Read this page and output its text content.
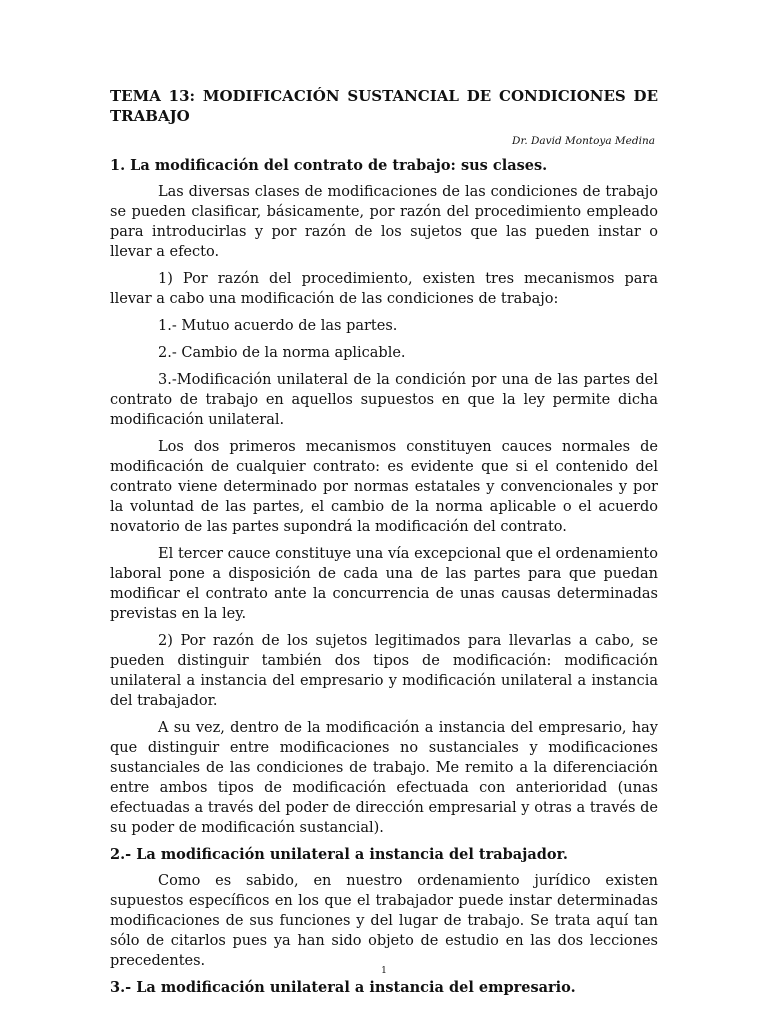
TEMA 13: MODIFICACIÓN SUSTANCIAL DE CONDICIONES DE TRABAJO

Dr. David Montoya Medina

1. La modificación del contrato de trabajo: sus clases.

Las diversas clases de modificaciones de las condiciones de trabajo se pueden clasificar, básicamente, por razón del procedimiento empleado para introducirlas y por razón de los sujetos que las pueden instar o llevar a efecto.

1) Por razón del procedimiento, existen tres mecanismos para llevar a cabo una modificación de las condiciones de trabajo:

1.- Mutuo acuerdo de las partes.

2.- Cambio de la norma aplicable.

3.-Modificación unilateral de la condición por una de las partes del contrato de trabajo en aquellos supuestos en que la ley permite dicha modificación unilateral.

Los dos primeros mecanismos constituyen cauces normales de modificación de cualquier contrato: es evidente que si el contenido del contrato viene determinado por normas estatales y convencionales y por la voluntad de las partes, el cambio de la norma aplicable o el acuerdo novatorio de las partes supondrá la modificación del contrato.

El tercer cauce constituye una vía excepcional que el ordenamiento laboral pone a disposición de cada una de las partes para que puedan modificar el contrato ante la concurrencia de unas causas determinadas previstas en la ley.

2) Por razón de los sujetos legitimados para llevarlas a cabo, se pueden distinguir también dos tipos de modificación: modificación unilateral a instancia del empresario y modificación unilateral a instancia del trabajador.

A su vez, dentro de la modificación a instancia del empresario, hay que distinguir entre modificaciones no sustanciales y modificaciones sustanciales de las condiciones de trabajo. Me remito a la diferenciación entre ambos tipos de modificación efectuada con anterioridad (unas efectuadas a través del poder de dirección empresarial y otras a través de su poder de modificación sustancial).

2.- La modificación unilateral a instancia del trabajador.

Como es sabido, en nuestro ordenamiento jurídico existen supuestos específicos en los que el trabajador puede instar determinadas modificaciones de sus funciones y del lugar de trabajo. Se trata aquí tan sólo de citarlos pues ya han sido objeto de estudio en las dos lecciones precedentes.

3.- La modificación unilateral a instancia del empresario.

1
